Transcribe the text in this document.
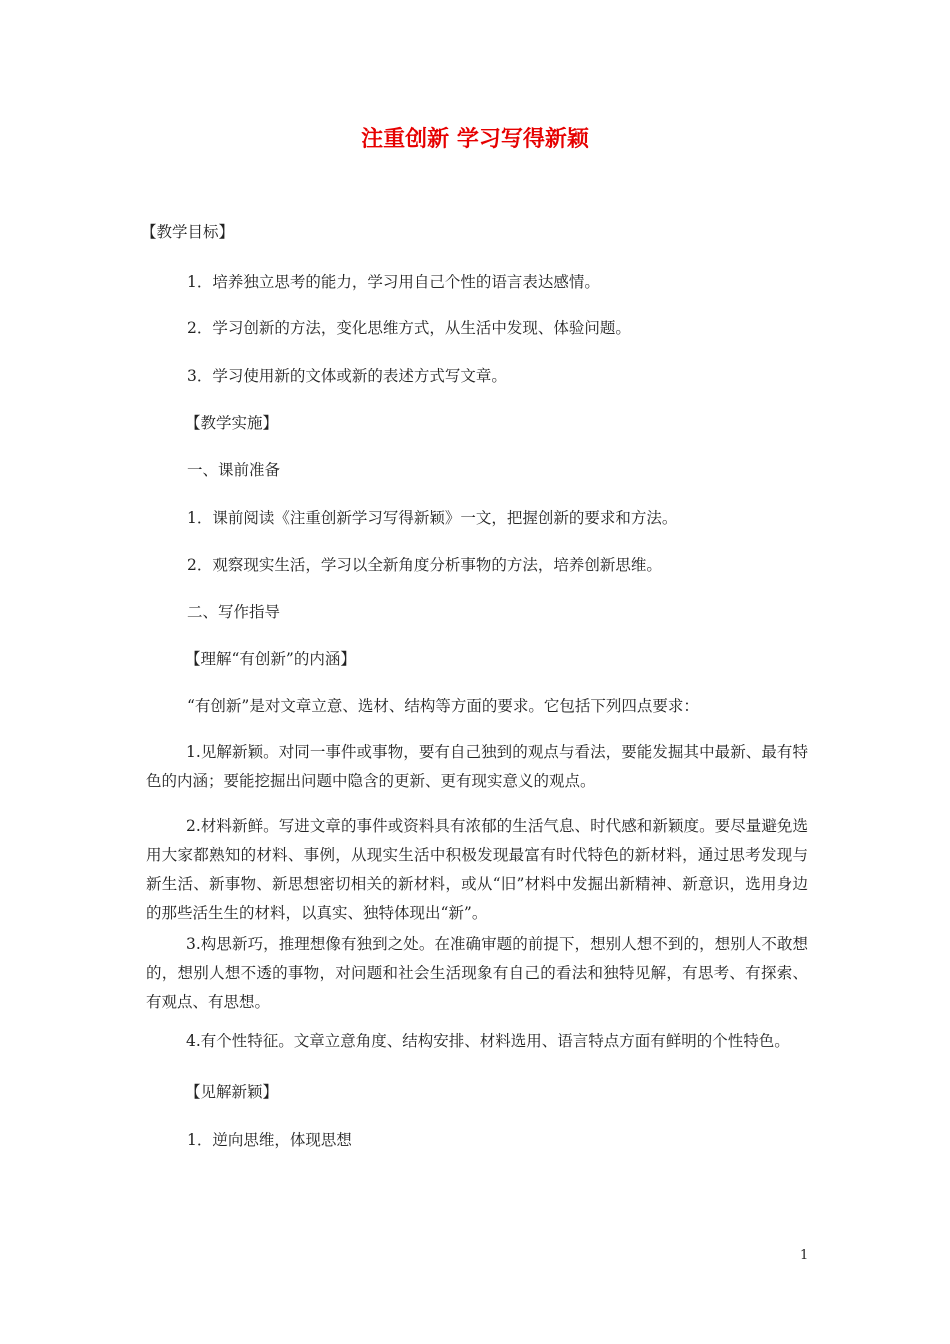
注重创新 学习写得新颖
【教学目标】
1．培养独立思考的能力，学习用自己个性的语言表达感情。
2．学习创新的方法，变化思维方式，从生活中发现、体验问题。
3．学习使用新的文体或新的表述方式写文章。
【教学实施】
一、课前准备
1．课前阅读《注重创新学习写得新颖》一文，把握创新的要求和方法。
2．观察现实生活，学习以全新角度分析事物的方法，培养创新思维。
二、写作指导
【理解“有创新”的内涵】
“有创新”是对文章立意、选材、结构等方面的要求。它包括下列四点要求：
1.见解新颖。对同一事件或事物，要有自己独到的观点与看法，要能发掘其中最新、最有特色的内涵；要能挖掘出问题中隐含的更新、更有现实意义的观点。
2.材料新鲜。写进文章的事件或资料具有浓郁的生活气息、时代感和新颖度。要尽量避免选用大家都熟知的材料、事例，从现实生活中积极发现最富有时代特色的新材料，通过思考发现与新生活、新事物、新思想密切相关的新材料，或从“旧”材料中发掘出新精神、新意识，选用身边的那些活生生的材料，以真实、独特体现出“新”。
3.构思新巧，推理想像有独到之处。在准确审题的前提下，想别人想不到的，想别人不敢想的，想别人想不透的事物，对问题和社会生活现象有自己的看法和独特见解，有思考、有探索、有观点、有思想。
4.有个性特征。文章立意角度、结构安排、材料选用、语言特点方面有鲜明的个性特色。
【见解新颖】
1．逆向思维，体现思想
1
